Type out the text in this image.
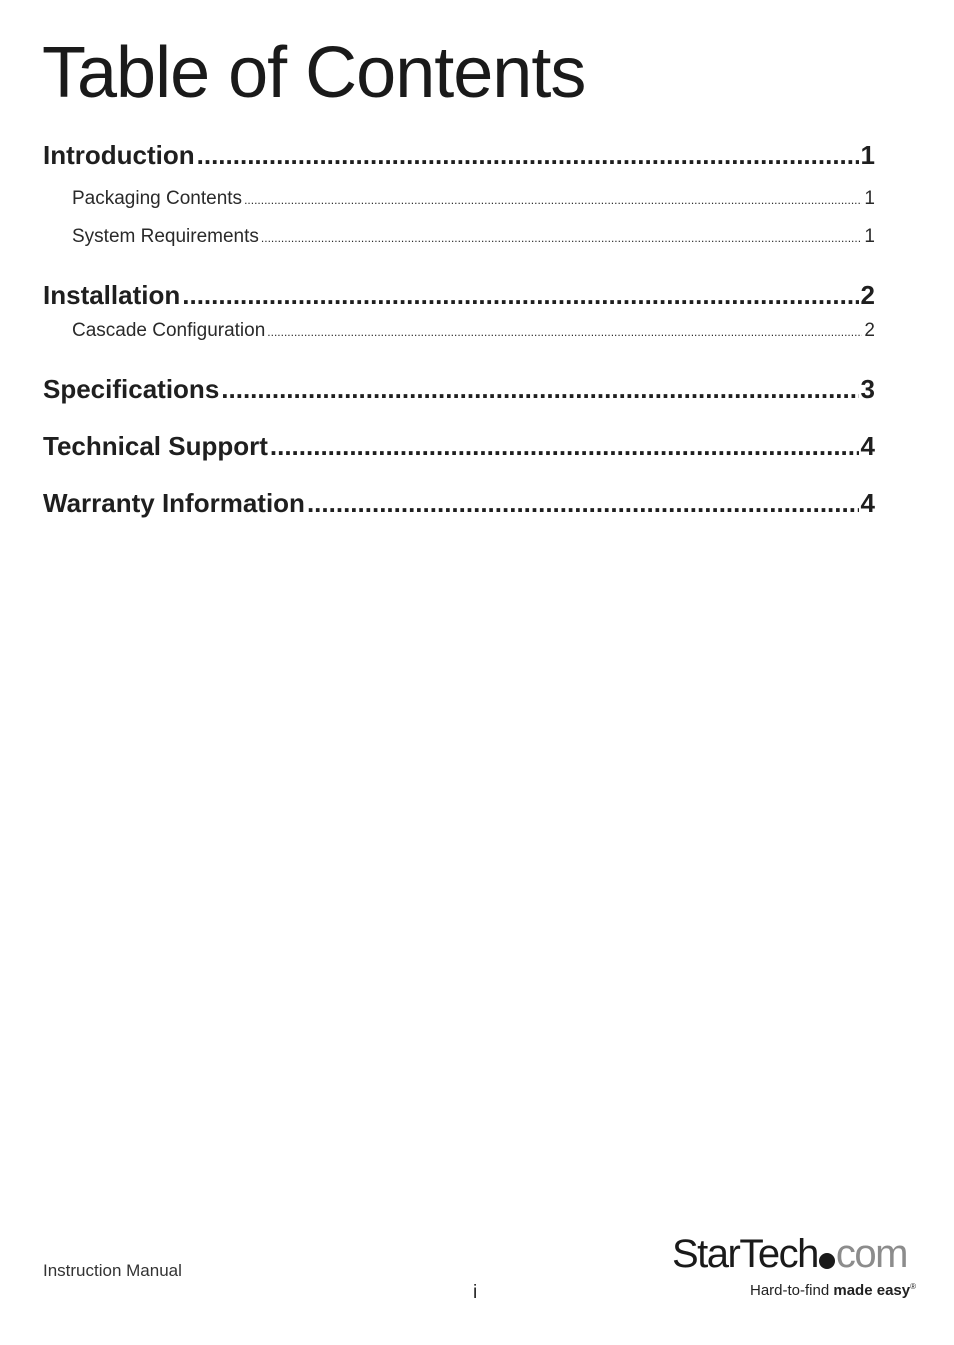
Table of Contents
Introduction .....	1
Packaging Contents .....	1
System Requirements .....	1
Installation .....	2
Cascade Configuration .....	2
Specifications .....	3
Technical Support .....	4
Warranty Information .....	4
Instruction Manual
i
StarTech com
Hard-to-find made easy®
